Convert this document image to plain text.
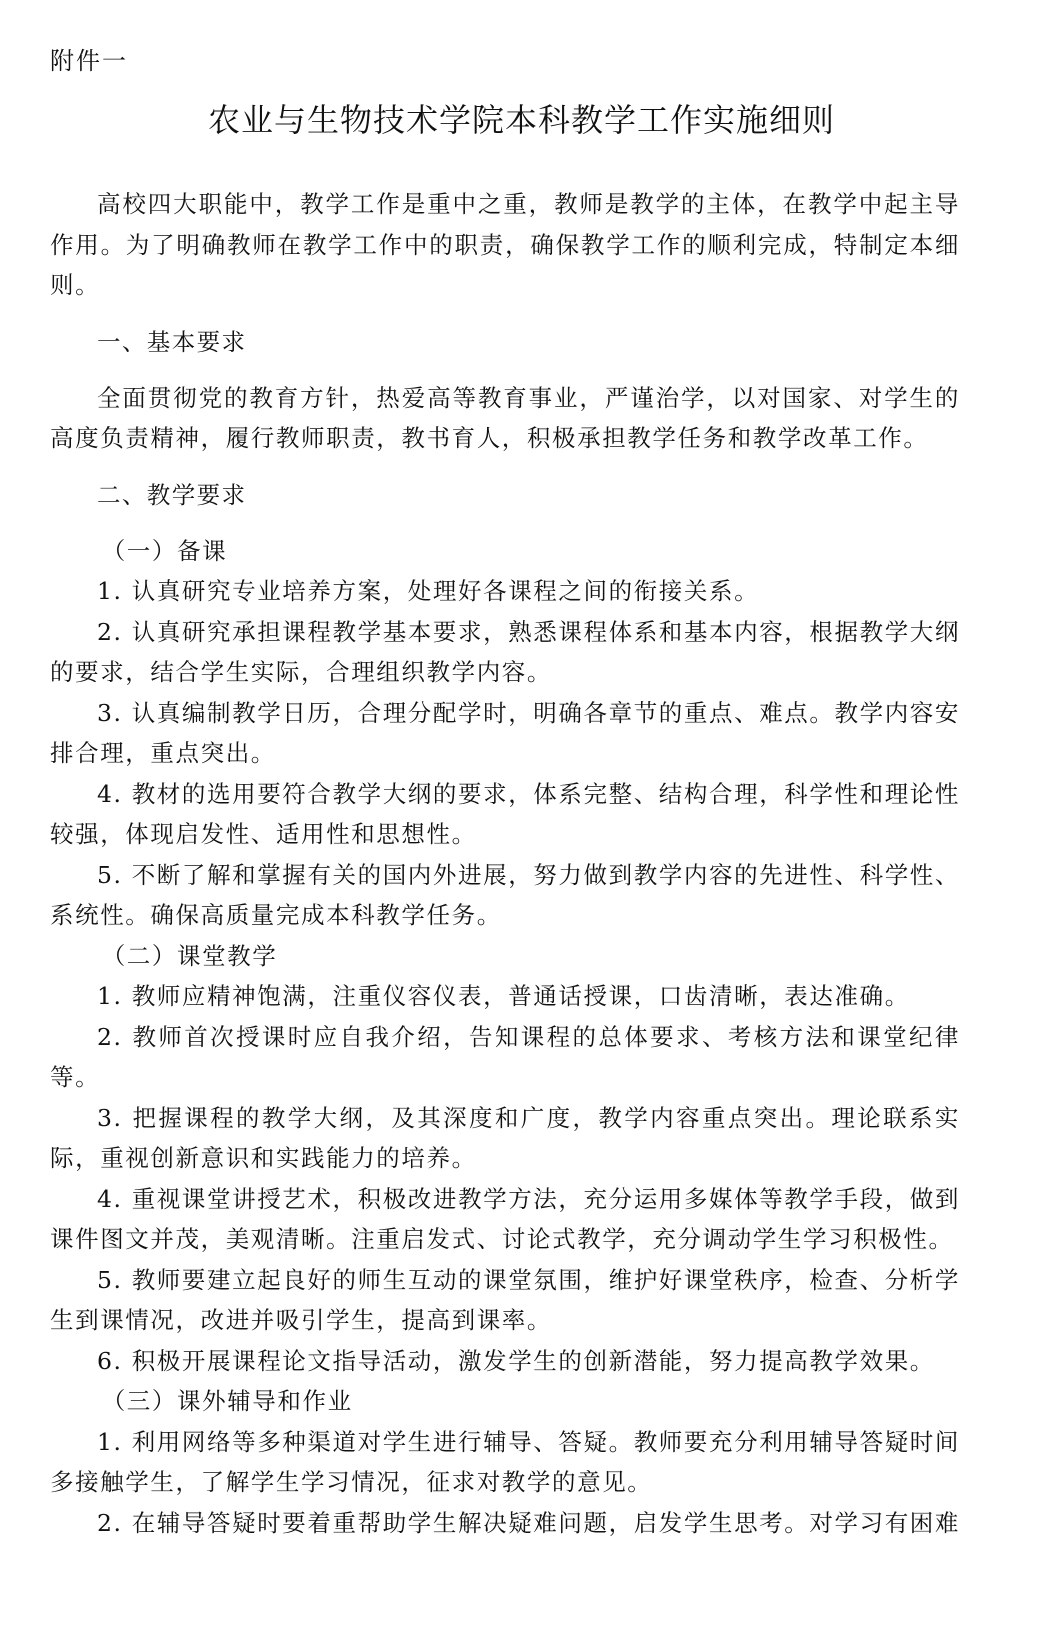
附件一
农业与生物技术学院本科教学工作实施细则

高校四大职能中，教学工作是重中之重，教师是教学的主体，在教学中起主导作用。为了明确教师在教学工作中的职责，确保教学工作的顺利完成，特制定本细则。

一、基本要求

全面贯彻党的教育方针，热爱高等教育事业，严谨治学，以对国家、对学生的高度负责精神，履行教师职责，教书育人，积极承担教学任务和教学改革工作。

二、教学要求
（一）备课

1. 认真研究专业培养方案，处理好各课程之间的衔接关系。

2. 认真研究承担课程教学基本要求，熟悉课程体系和基本内容，根据教学大纲的要求，结合学生实际，合理组织教学内容。

3. 认真编制教学日历，合理分配学时，明确各章节的重点、难点。教学内容安排合理，重点突出。

4. 教材的选用要符合教学大纲的要求，体系完整、结构合理，科学性和理论性较强，体现启发性、适用性和思想性。

5. 不断了解和掌握有关的国内外进展，努力做到教学内容的先进性、科学性、系统性。确保高质量完成本科教学任务。

（二）课堂教学

1. 教师应精神饱满，注重仪容仪表，普通话授课，口齿清晰，表达准确。

2. 教师首次授课时应自我介绍，告知课程的总体要求、考核方法和课堂纪律等。

3. 把握课程的教学大纲，及其深度和广度，教学内容重点突出。理论联系实际，重视创新意识和实践能力的培养。

4. 重视课堂讲授艺术，积极改进教学方法，充分运用多媒体等教学手段，做到课件图文并茂，美观清晰。注重启发式、讨论式教学，充分调动学生学习积极性。

5. 教师要建立起良好的师生互动的课堂氛围，维护好课堂秩序，检查、分析学生到课情况，改进并吸引学生，提高到课率。

6. 积极开展课程论文指导活动，激发学生的创新潜能，努力提高教学效果。

（三）课外辅导和作业

1. 利用网络等多种渠道对学生进行辅导、答疑。教师要充分利用辅导答疑时间多接触学生，了解学生学习情况，征求对教学的意见。

2. 在辅导答疑时要着重帮助学生解决疑难问题，启发学生思考。对学习有困难
